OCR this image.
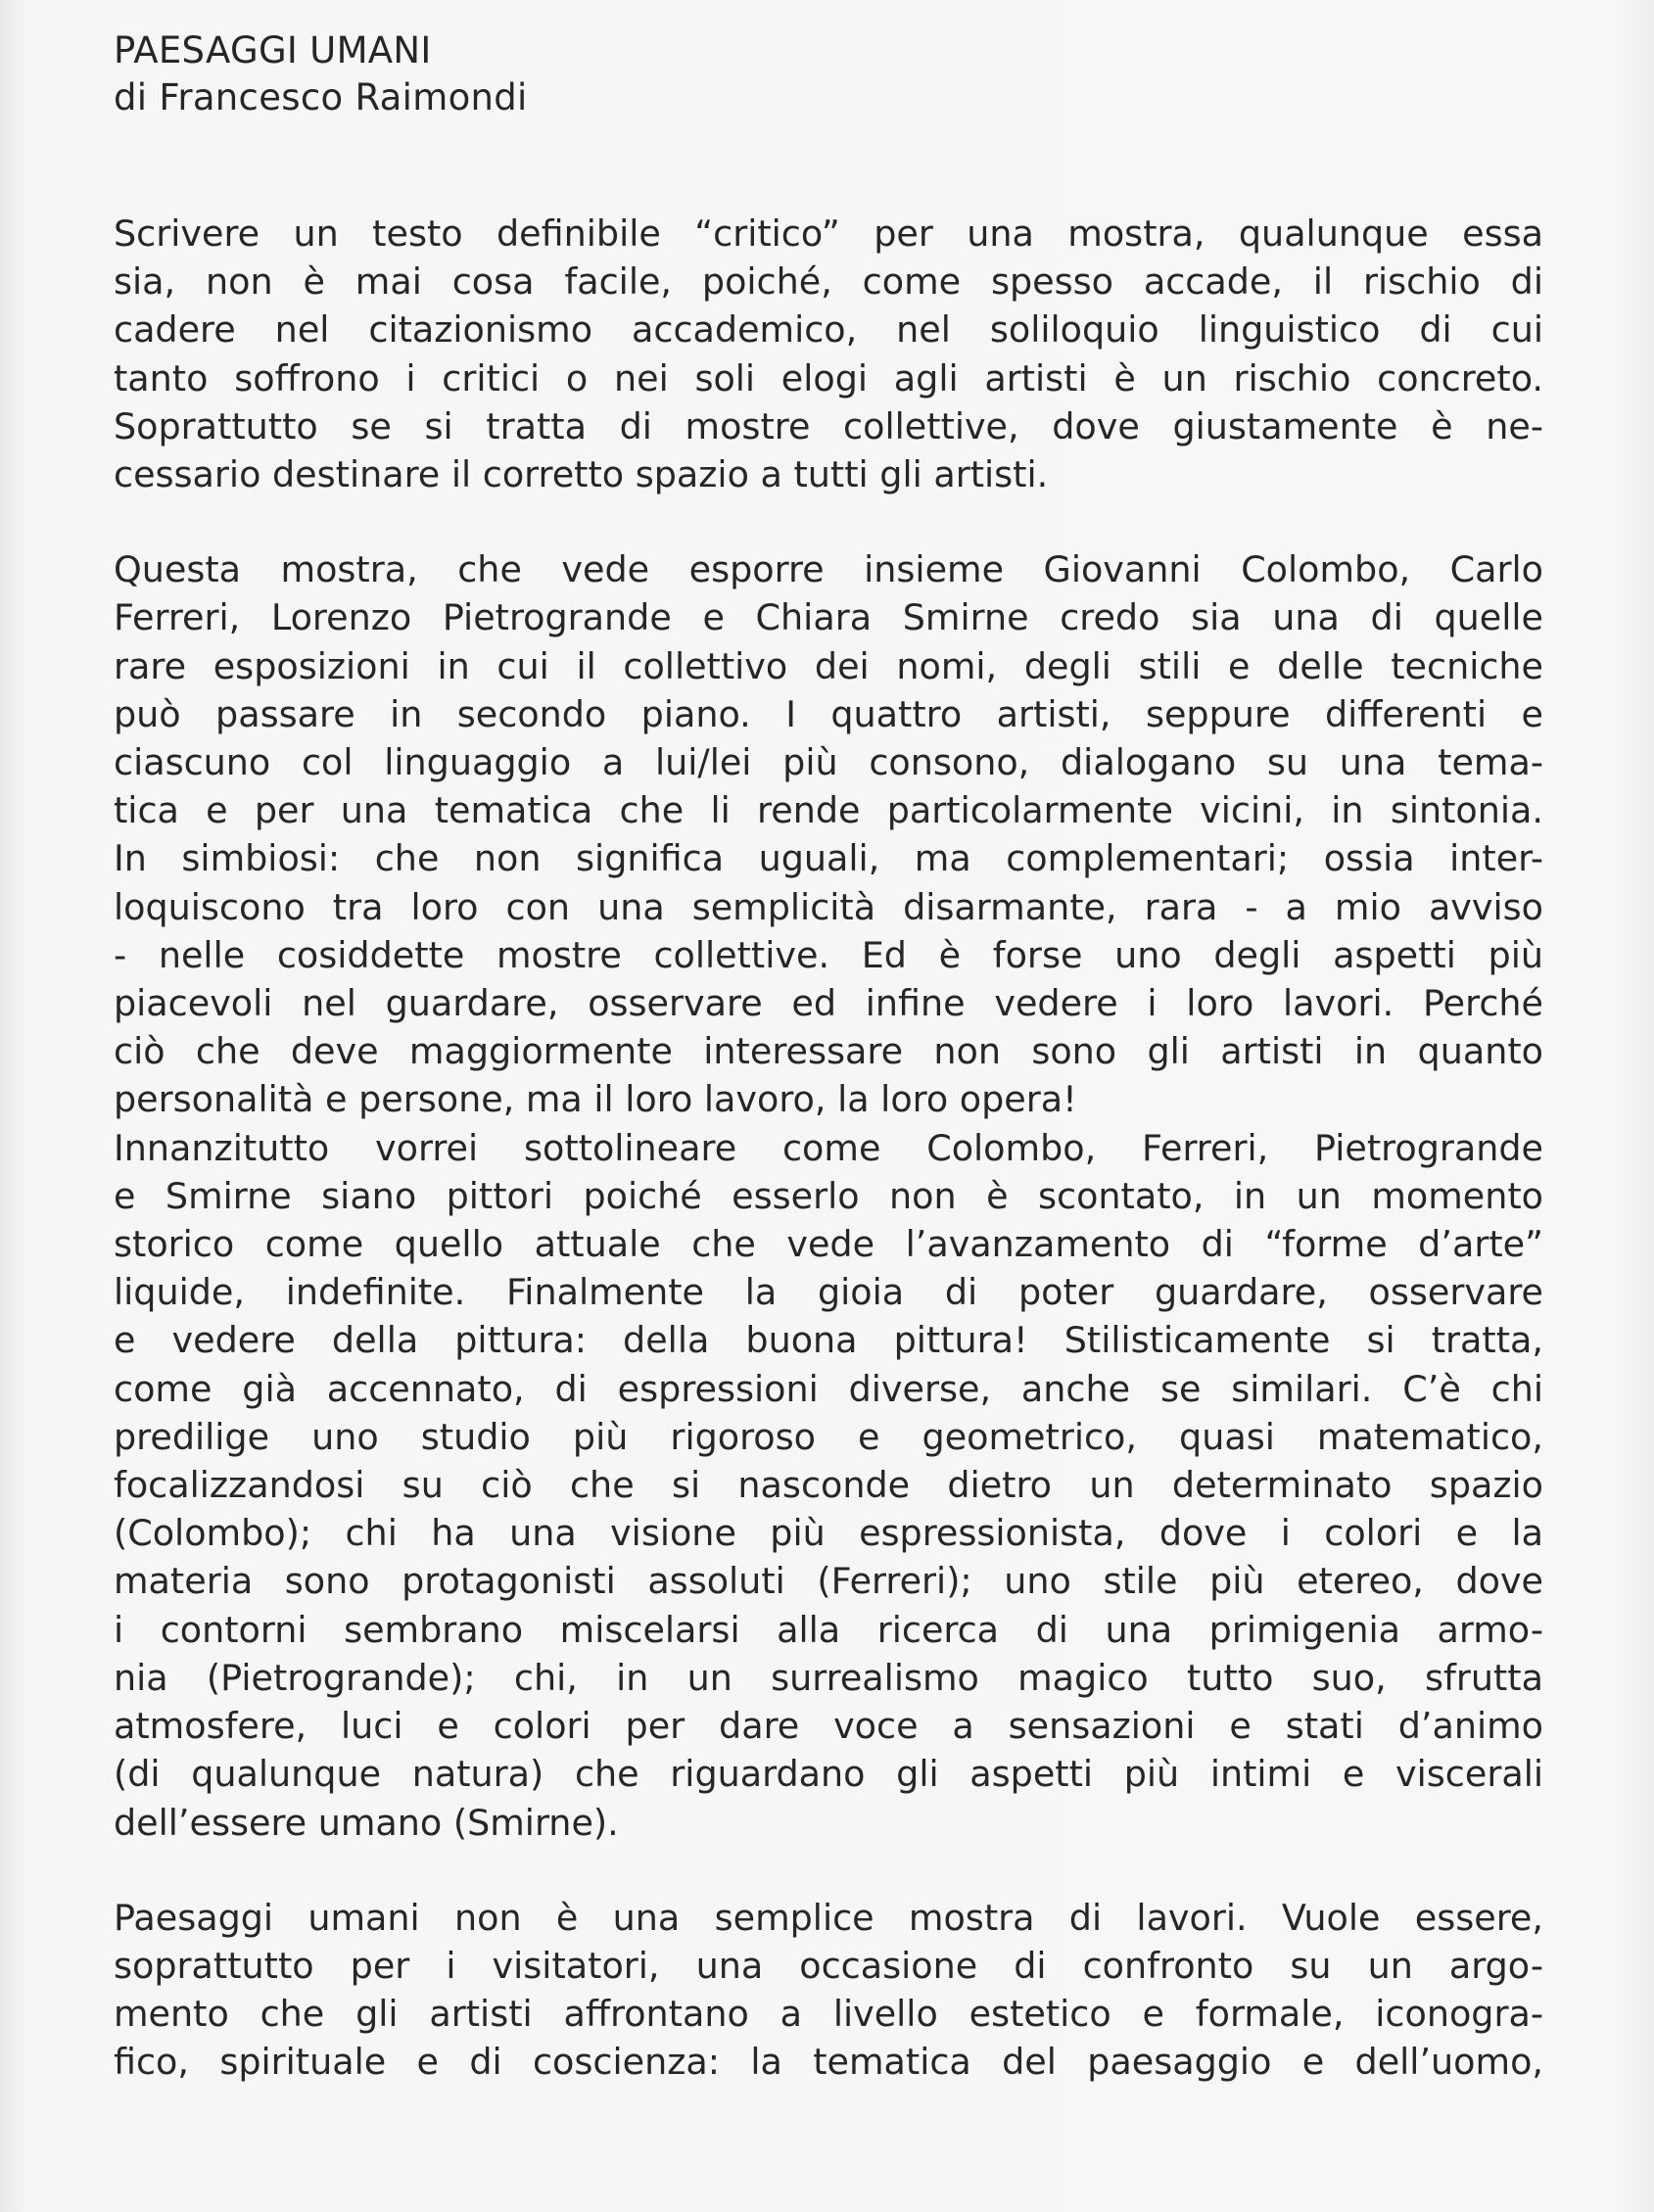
PAESAGGI UMANI
di Francesco Raimondi
Scrivere un testo definibile “critico” per una mostra, qualunque essa
sia, non è mai cosa facile, poiché, come spesso accade, il rischio di
cadere nel citazionismo accademico, nel soliloquio linguistico di cui
tanto soffrono i critici o nei soli elogi agli artisti è un rischio concreto.
Soprattutto se si tratta di mostre collettive, dove giustamente è ne-
cessario destinare il corretto spazio a tutti gli artisti.
Questa mostra, che vede esporre insieme Giovanni Colombo, Carlo
Ferreri, Lorenzo Pietrogrande e Chiara Smirne credo sia una di quelle
rare esposizioni in cui il collettivo dei nomi, degli stili e delle tecniche
può passare in secondo piano. I quattro artisti, seppure differenti e
ciascuno col linguaggio a lui/lei più consono, dialogano su una tema-
tica e per una tematica che li rende particolarmente vicini, in sintonia.
In simbiosi: che non significa uguali, ma complementari; ossia inter-
loquiscono tra loro con una semplicità disarmante, rara - a mio avviso
- nelle cosiddette mostre collettive. Ed è forse uno degli aspetti più
piacevoli nel guardare, osservare ed infine vedere i loro lavori. Perché
ciò che deve maggiormente interessare non sono gli artisti in quanto
personalità e persone, ma il loro lavoro, la loro opera!
Innanzitutto vorrei sottolineare come Colombo, Ferreri, Pietrogrande
e Smirne siano pittori poiché esserlo non è scontato, in un momento
storico come quello attuale che vede l’avanzamento di “forme d’arte”
liquide, indefinite. Finalmente la gioia di poter guardare, osservare
e vedere della pittura: della buona pittura! Stilisticamente si tratta,
come già accennato, di espressioni diverse, anche se similari. C’è chi
predilige uno studio più rigoroso e geometrico, quasi matematico,
focalizzandosi su ciò che si nasconde dietro un determinato spazio
(Colombo); chi ha una visione più espressionista, dove i colori e la
materia sono protagonisti assoluti (Ferreri); uno stile più etereo, dove
i contorni sembrano miscelarsi alla ricerca di una primigenia armo-
nia (Pietrogrande); chi, in un surrealismo magico tutto suo, sfrutta
atmosfere, luci e colori per dare voce a sensazioni e stati d’animo
(di qualunque natura) che riguardano gli aspetti più intimi e viscerali
dell’essere umano (Smirne).
Paesaggi umani non è una semplice mostra di lavori. Vuole essere,
soprattutto per i visitatori, una occasione di confronto su un argo-
mento che gli artisti affrontano a livello estetico e formale, iconogra-
fico, spirituale e di coscienza: la tematica del paesaggio e dell’uomo,
